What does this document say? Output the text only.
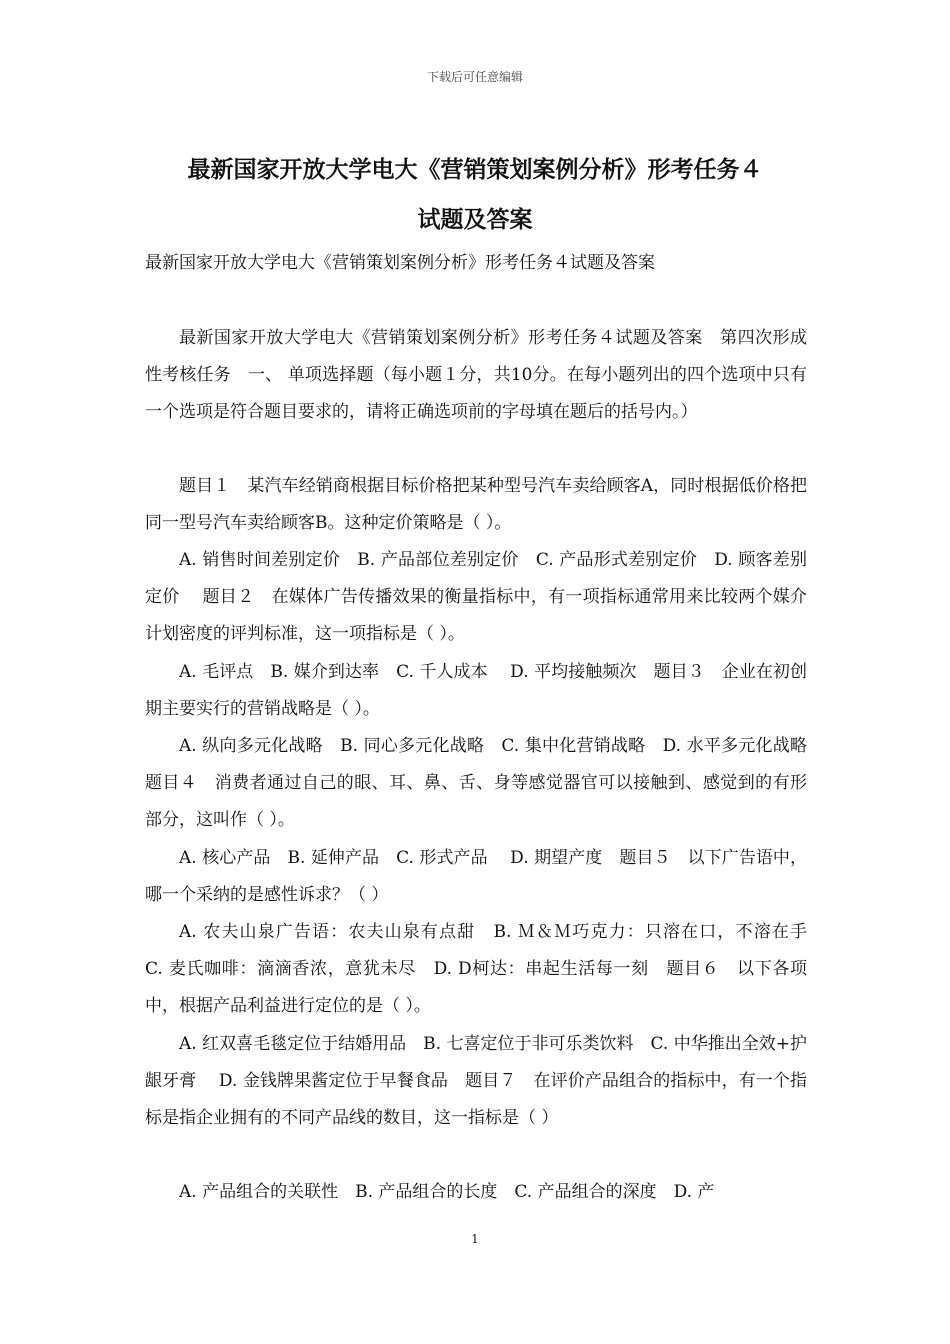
下载后可任意编辑
最新国家开放大学电大《营销策划案例分析》形考任务４
试题及答案
最新国家开放大学电大《营销策划案例分析》形考任务４试题及答案

最新国家开放大学电大《营销策划案例分析》形考任务４试题及答案　第四次形成性考核任务　一、 单项选择题（每小题１分，共10分。在每小题列出的四个选项中只有一个选项是符合题目要求的，请将正确选项前的字母填在题后的括号内。）

题目１　某汽车经销商根据目标价格把某种型号汽车卖给顾客A，同时根据低价格把同一型号汽车卖给顾客B。这种定价策略是（ ）。

A. 销售时间差别定价　B. 产品部位差别定价　C. 产品形式差别定价　D. 顾客差别定价　 题目２　在媒体广告传播效果的衡量指标中，有一项指标通常用来比较两个媒介计划密度的评判标准，这一项指标是（ ）。

A. 毛评点　B. 媒介到达率　C. 千人成本　 D. 平均接触频次　题目３　企业在初创期主要实行的营销战略是（ ）。

A. 纵向多元化战略　B. 同心多元化战略　C. 集中化营销战略　D. 水平多元化战略　 题目４　消费者通过自己的眼、耳、鼻、舌、身等感觉器官可以接触到、感觉到的有形部分，这叫作（ ）。

A. 核心产品　B. 延伸产品　C. 形式产品　 D. 期望产度　题目５　以下广告语中，哪一个采纳的是感性诉求？（ ）

A. 农夫山泉广告语：农夫山泉有点甜　B. Ｍ＆Ｍ巧克力：只溶在口，不溶在手　 C. 麦氏咖啡：滴滴香浓，意犹未尽　D. D柯达：串起生活每一刻　题目６　以下各项中，根据产品利益进行定位的是（ ）。

A. 红双喜毛毯定位于结婚用品　B. 七喜定位于非可乐类饮料　C. 中华推出全效+护龈牙膏　 D. 金钱牌果酱定位于早餐食品　题目７　在评价产品组合的指标中，有一个指标是指企业拥有的不同产品线的数目，这一指标是（ ）

A. 产品组合的关联性　B. 产品组合的长度　C. 产品组合的深度　D. 产

1
